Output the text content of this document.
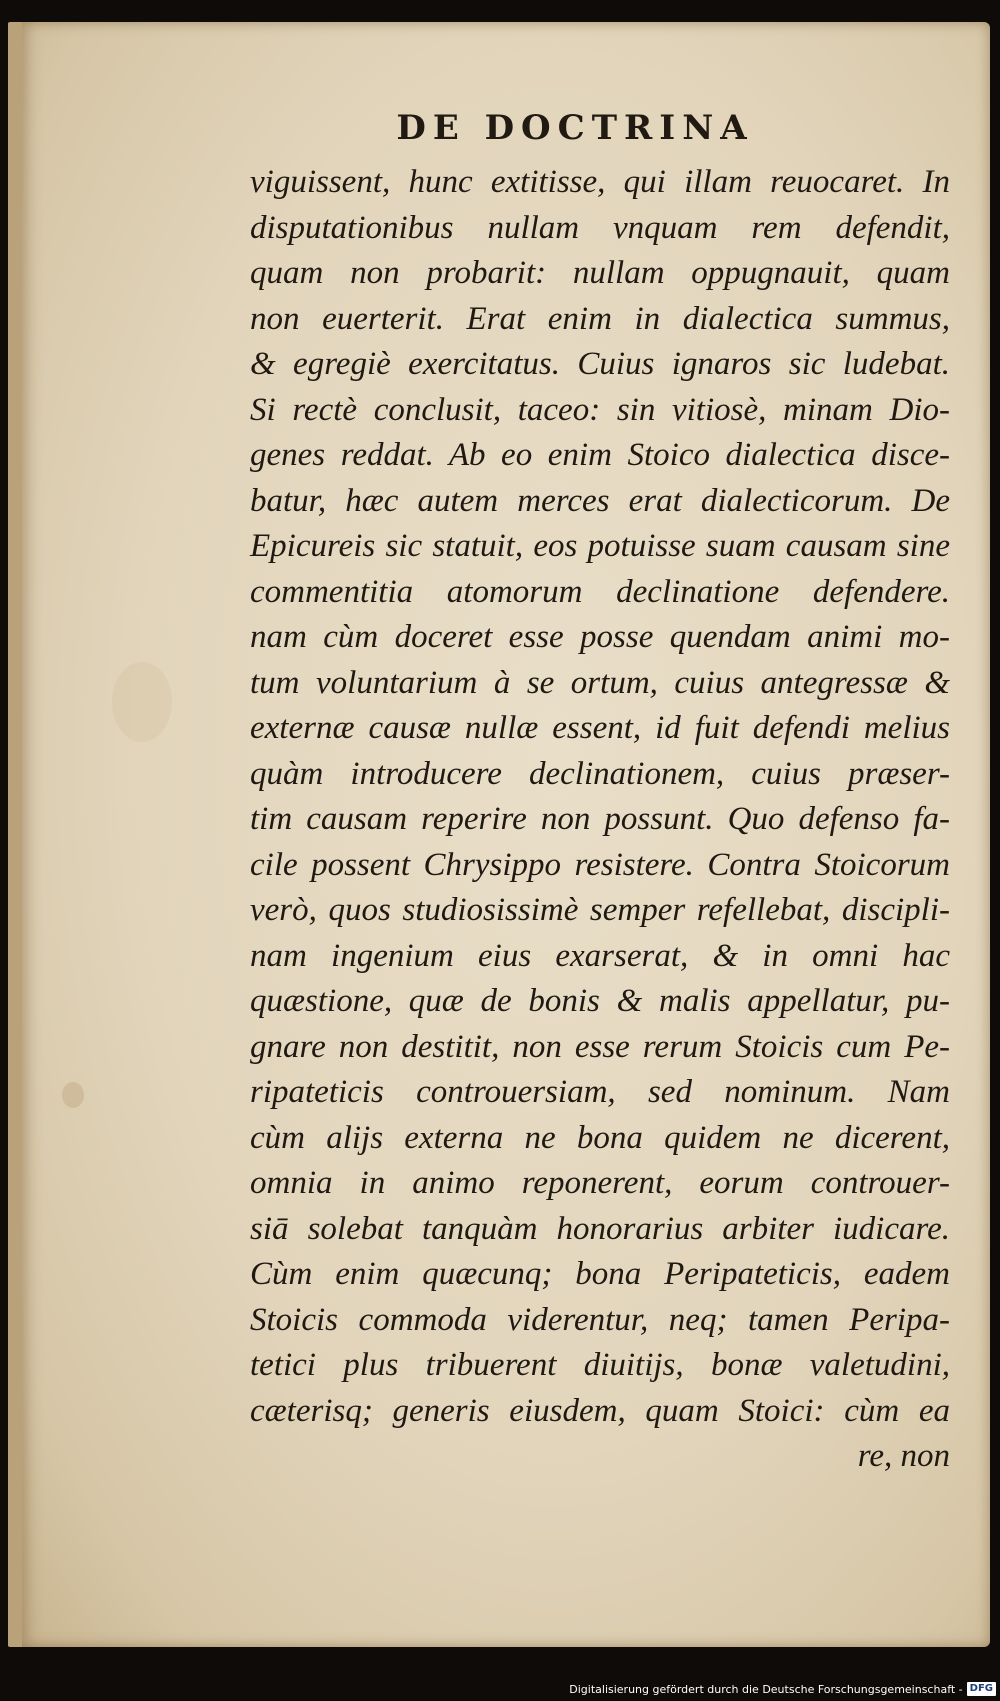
DE DOCTRINA
viguissent, hunc extitisse, qui illam reuocaret. In
disputationibus nullam vnquam rem defendit,
quam non probarit: nullam oppugnauit, quam
non euerterit. Erat enim in dialectica summus,
& egregiè exercitatus. Cuius ignaros sic ludebat.
Si rectè conclusit, taceo: sin vitiosè, minam Dio-
genes reddat. Ab eo enim Stoico dialectica disce-
batur, hæc autem merces erat dialecticorum. De
Epicureis sic statuit, eos potuisse suam causam sine
commentitia atomorum declinatione defendere.
nam cùm doceret esse posse quendam animi mo-
tum voluntarium à se ortum, cuius antegressæ &
externæ causæ nullæ essent, id fuit defendi melius
quàm introducere declinationem, cuius præser-
tim causam reperire non possunt. Quo defenso fa-
cile possent Chrysippo resistere. Contra Stoicorum
verò, quos studiosissimè semper refellebat, discipli-
nam ingenium eius exarserat, & in omni hac
quæstione, quæ de bonis & malis appellatur, pu-
gnare non destitit, non esse rerum Stoicis cum Pe-
ripateticis controuersiam, sed nominum. Nam
cùm alijs externa ne bona quidem ne dicerent,
omnia in animo reponerent, eorum controuer-
siā solebat tanquàm honorarius arbiter iudicare.
Cùm enim quæcunq; bona Peripateticis, eadem
Stoicis commoda viderentur, neq; tamen Peripa-
tetici plus tribuerent diuitijs, bonæ valetudini,
cæterisq; generis eiusdem, quam Stoici: cùm ea
re, non
Digitalisierung gefördert durch die Deutsche Forschungsgemeinschaft - DFG
